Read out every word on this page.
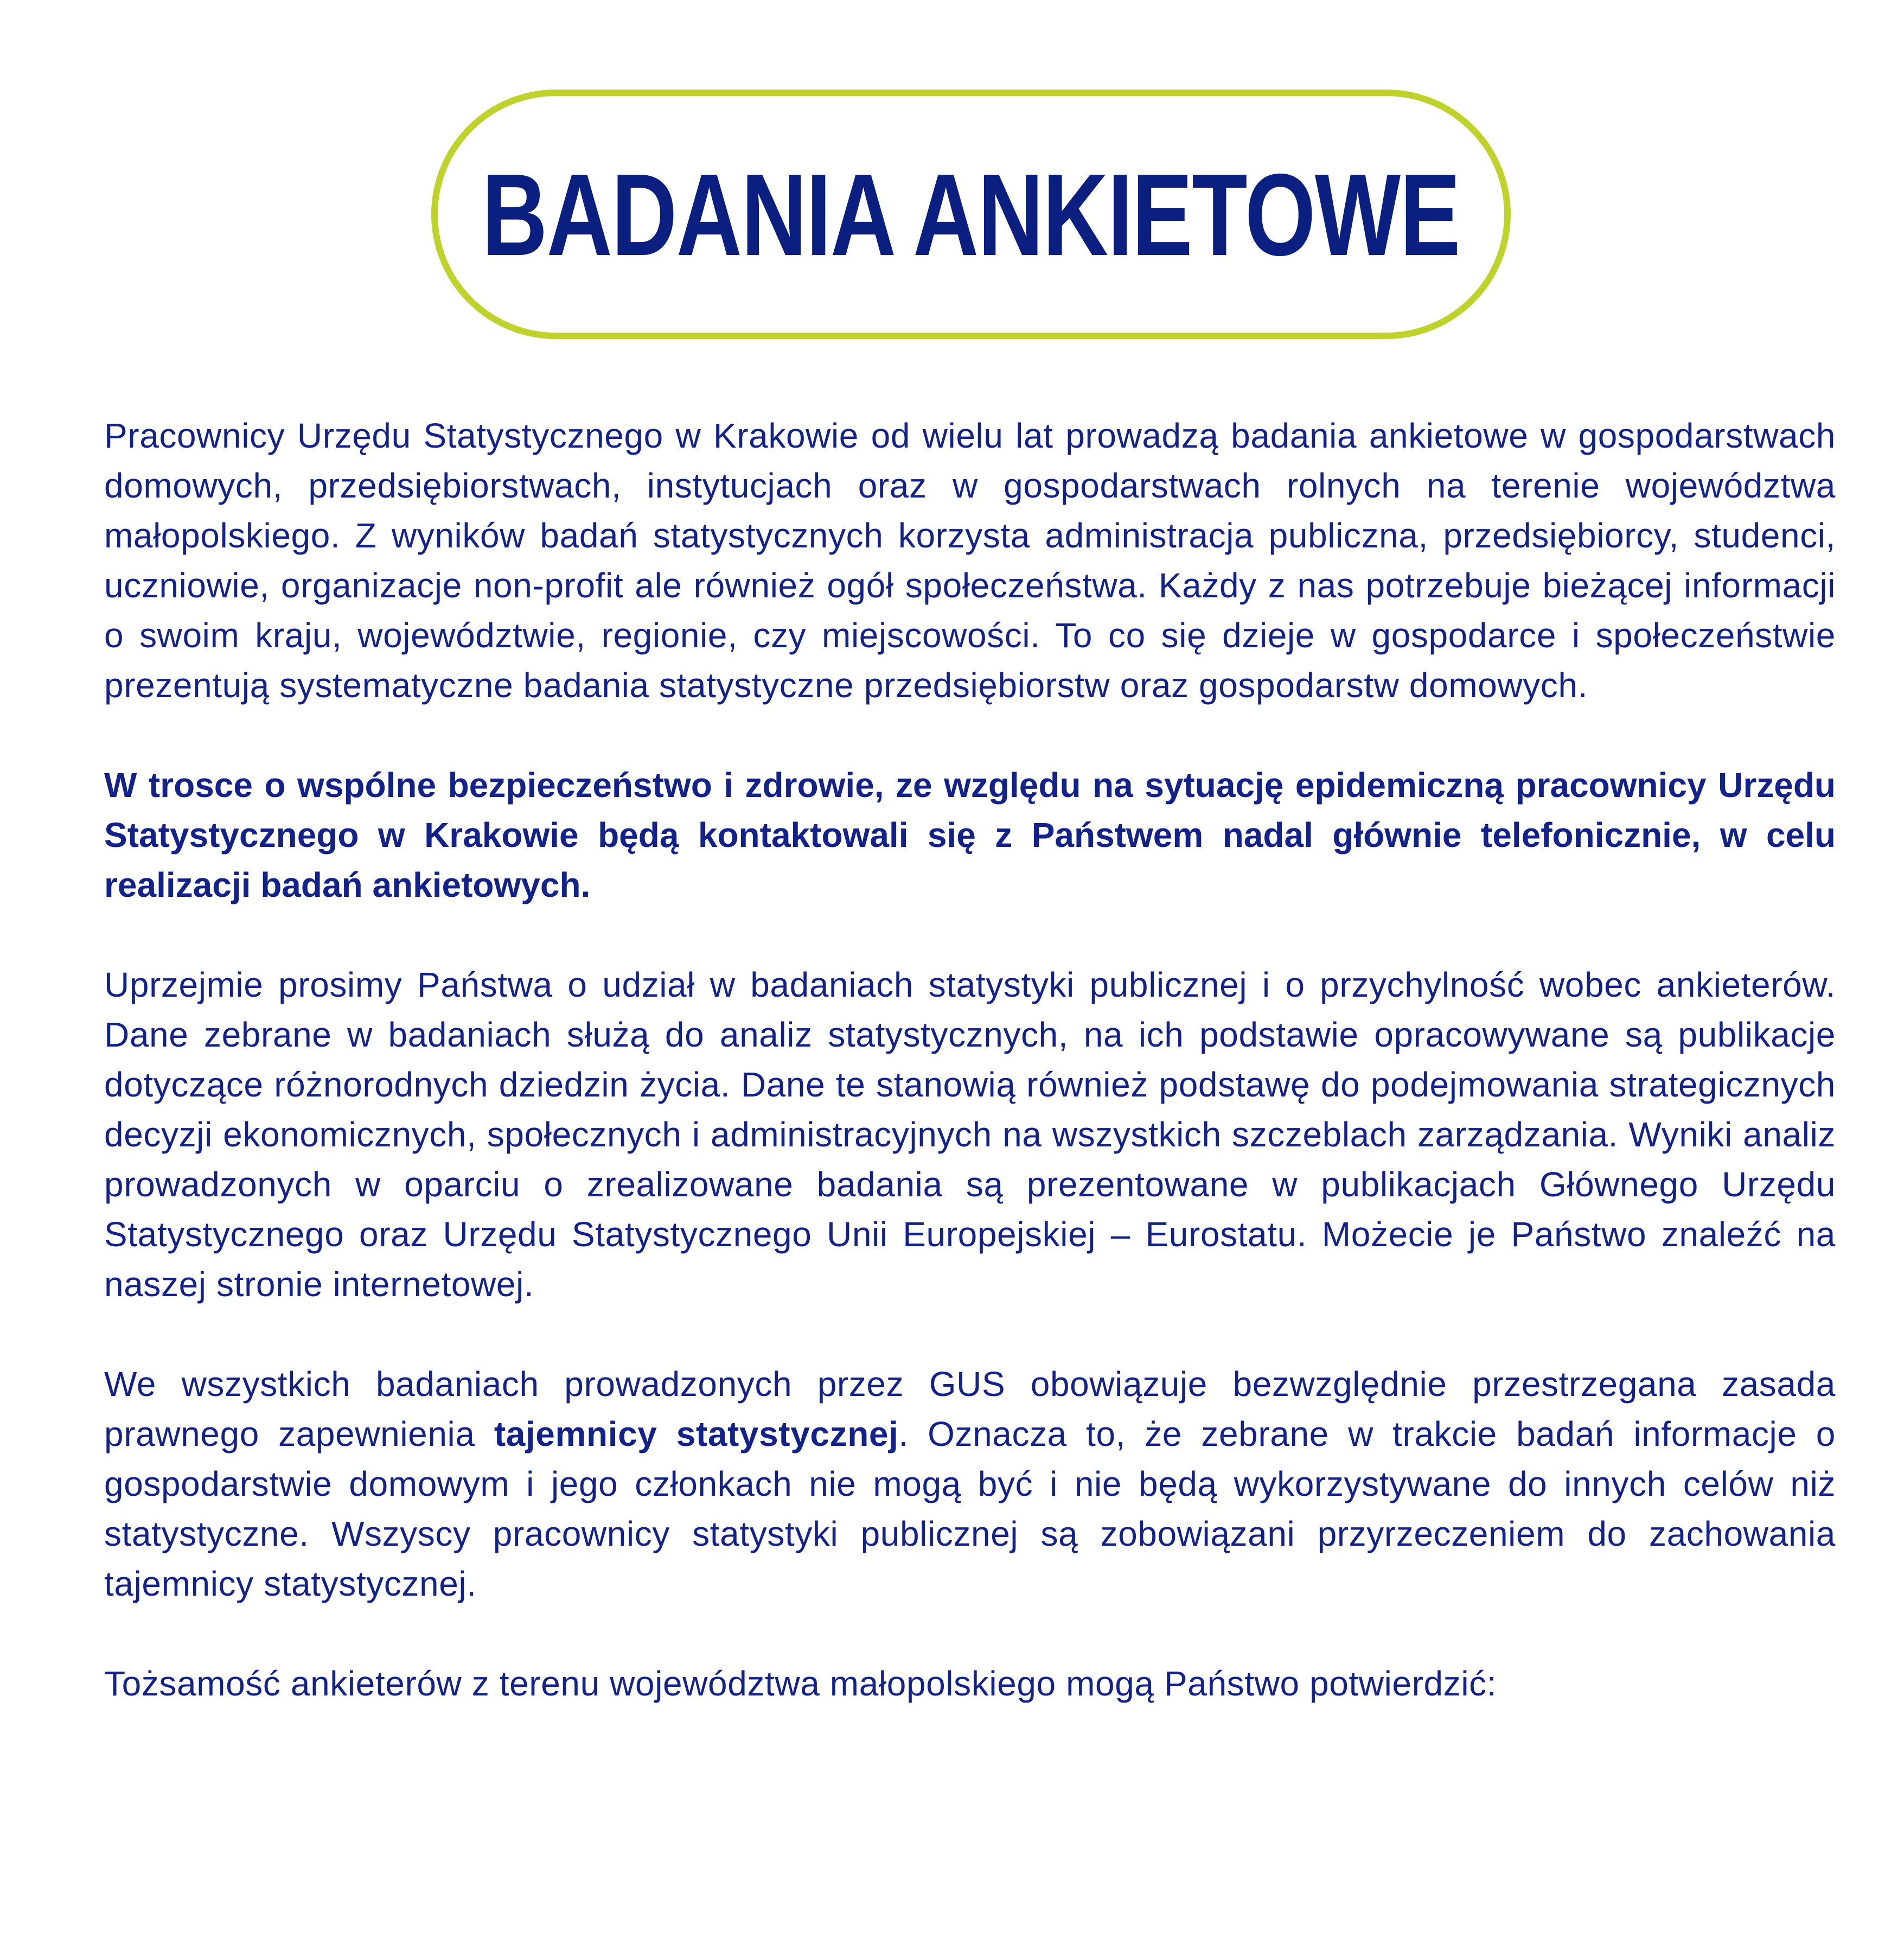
BADANIA ANKIETOWE

Pracownicy Urzędu Statystycznego w Krakowie od wielu lat prowadzą badania ankietowe w gospodarstwach domowych, przedsiębiorstwach, instytucjach oraz w gospodarstwach rolnych na terenie województwa małopolskiego. Z wyników badań statystycznych korzysta administracja publiczna, przedsiębiorcy, studenci, uczniowie, organizacje non-profit ale również ogół społeczeństwa. Każdy z nas potrzebuje bieżącej informacji o swoim kraju, województwie, regionie, czy miejscowości. To co się dzieje w gospodarce i społeczeństwie prezentują systematyczne badania statystyczne przedsiębiorstw oraz gospodarstw domowych.

W trosce o wspólne bezpieczeństwo i zdrowie, ze względu na sytuację epidemiczną pracownicy Urzędu Statystycznego w Krakowie będą kontaktowali się z Państwem nadal głównie telefonicznie, w celu realizacji badań ankietowych.

Uprzejmie prosimy Państwa o udział w badaniach statystyki publicznej i o przychylność wobec ankieterów. Dane zebrane w badaniach służą do analiz statystycznych, na ich podstawie opracowywane są publikacje dotyczące różnorodnych dziedzin życia. Dane te stanowią również podstawę do podejmowania strategicznych decyzji ekonomicznych, społecznych i administracyjnych na wszystkich szczeblach zarządzania. Wyniki analiz prowadzonych w oparciu o zrealizowane badania są prezentowane w publikacjach Głównego Urzędu Statystycznego oraz Urzędu Statystycznego Unii Europejskiej – Eurostatu. Możecie je Państwo znaleźć na naszej stronie internetowej.

We wszystkich badaniach prowadzonych przez GUS obowiązuje bezwzględnie przestrzegana zasada prawnego zapewnienia tajemnicy statystycznej. Oznacza to, że zebrane w trakcie badań informacje o gospodarstwie domowym i jego członkach nie mogą być i nie będą wykorzystywane do innych celów niż statystyczne. Wszyscy pracownicy statystyki publicznej są zobowiązani przyrzeczeniem do zachowania tajemnicy statystycznej.

Tożsamość ankieterów z terenu województwa małopolskiego mogą Państwo potwierdzić:
